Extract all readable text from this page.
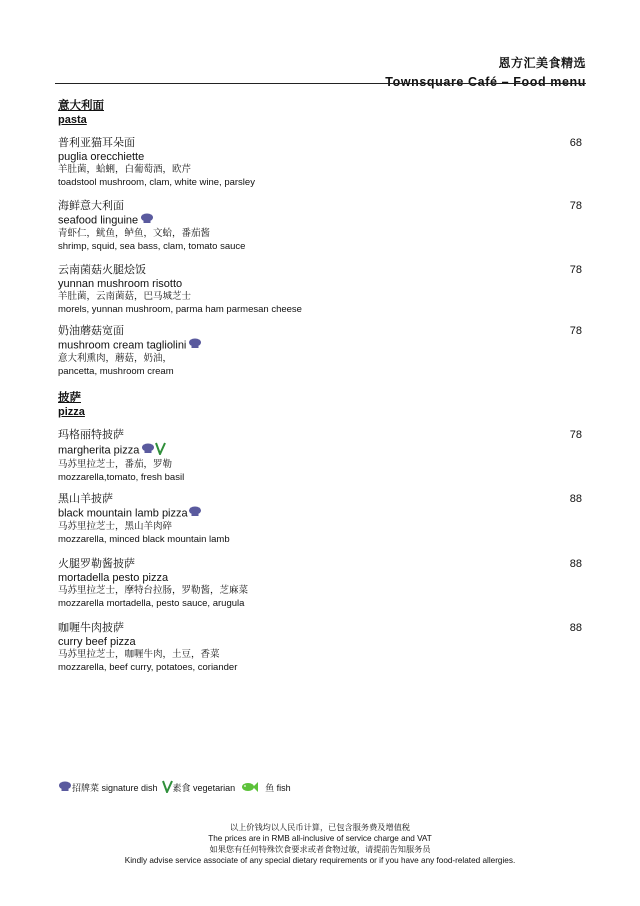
恩方汇美食精选
Townsquare Café – Food menu
意大利面
pasta
普利亚猫耳朵面
puglia orecchiette
羊肚菌，蛤蜊，白葡萄酒，欧芹
toadstool mushroom, clam, white wine, parsley
68
海鲜意大利面
seafood linguine
青虾仁，鱿鱼，鲈鱼，文蛤，番茄酱
shrimp, squid, sea bass, clam, tomato sauce
78
云南菌菇火腿烩饭
yunnan mushroom risotto
羊肚菌，云南菌菇，巴马城芝士
morels, yunnan mushroom, parma ham parmesan cheese
78
奶油蘑菇宽面
mushroom cream tagliolini
意大利熏肉，蘑菇，奶油，
pancetta, mushroom cream
78
披萨
pizza
玛格丽特披萨
margherita pizza
马苏里拉芝士，番茄，罗勒
mozzarella,tomato, fresh basil
78
黑山羊披萨
black mountain lamb pizza
马苏里拉芝士，黑山羊肉碎
mozzarella, minced black mountain lamb
88
火腿罗勒酱披萨
mortadella pesto pizza
马苏里拉芝士，摩特台拉肠，罗勒酱，芝麻菜
mozzarella mortadella, pesto sauce, arugula
88
咖喱牛肉披萨
curry beef pizza
马苏里拉芝士，咖喱牛肉，土豆，香菜
mozzarella, beef curry, potatoes, coriander
88
招牌菜 signature dish 素食 vegetarian	鱼 fish
以上价钱均以人民币计算，已包含服务费及增值税
The prices are in RMB all-inclusive of service charge and VAT
如果您有任何特殊饮食要求或者食物过敏，请提前告知服务员
Kindly advise service associate of any special dietary requirements or if you have any food-related allergies.
